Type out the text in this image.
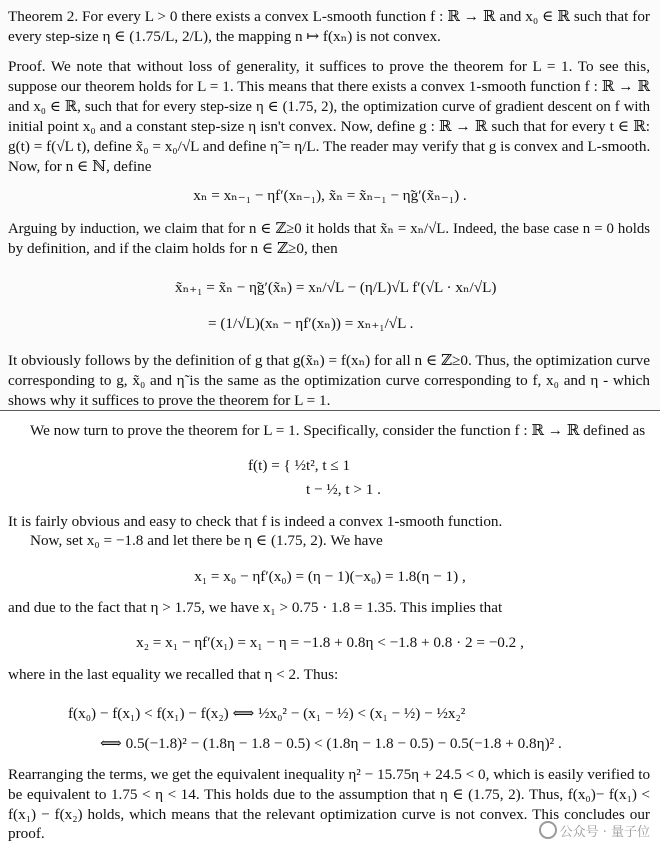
Theorem 2. For every L > 0 there exists a convex L-smooth function f : ℝ → ℝ and x₀ ∈ ℝ such that for
every step-size η ∈ (1.75/L, 2/L), the mapping n ↦ f(xₙ) is not convex.
Proof. We note that without loss of generality, it suffices to prove the theorem for L = 1. To see this,
suppose our theorem holds for L = 1. This means that there exists a convex 1-smooth function f : ℝ → ℝ
and x₀ ∈ ℝ, such that for every step-size η ∈ (1.75, 2), the optimization curve of gradient descent on f with
initial point x₀ and a constant step-size η isn't convex. Now, define g : ℝ → ℝ such that for every t ∈ ℝ:
g(t) = f(√L t), define x̃₀ = x₀/√L and define η̃ = η/L. The reader may verify that g is convex and L-smooth.
Now, for n ∈ ℕ, define
xₙ = xₙ₋₁ − ηf′(xₙ₋₁), x̃ₙ = x̃ₙ₋₁ − η̃g′(x̃ₙ₋₁) .
Arguing by induction, we claim that for n ∈ ℤ≥0 it holds that x̃ₙ = xₙ/√L. Indeed, the base case n = 0 holds
by definition, and if the claim holds for n ∈ ℤ≥0, then
x̃ₙ₊₁ = x̃ₙ − η̃g′(x̃ₙ) = xₙ/√L − (η/L)√L f′(√L · xₙ/√L)
= (1/√L)(xₙ − ηf′(xₙ)) = xₙ₊₁/√L .
It obviously follows by the definition of g that g(x̃ₙ) = f(xₙ) for all n ∈ ℤ≥0. Thus, the optimization curve
corresponding to g, x̃₀ and η̃ is the same as the optimization curve corresponding to f, x₀ and η - which
shows why it suffices to prove the theorem for L = 1.
We now turn to prove the theorem for L = 1. Specifically, consider the function f : ℝ → ℝ defined as
f(t) = { ½t², t ≤ 1
t − ½, t > 1 .
It is fairly obvious and easy to check that f is indeed a convex 1-smooth function.
Now, set x₀ = −1.8 and let there be η ∈ (1.75, 2). We have
x₁ = x₀ − ηf′(x₀) = (η − 1)(−x₀) = 1.8(η − 1) ,
and due to the fact that η > 1.75, we have x₁ > 0.75 · 1.8 = 1.35. This implies that
x₂ = x₁ − ηf′(x₁) = x₁ − η = −1.8 + 0.8η < −1.8 + 0.8 · 2 = −0.2 ,
where in the last equality we recalled that η < 2. Thus:
f(x₀) − f(x₁) < f(x₁) − f(x₂) ⟺ ½x₀² − (x₁ − ½) < (x₁ − ½) − ½x₂²
⟺ 0.5(−1.8)² − (1.8η − 1.8 − 0.5) < (1.8η − 1.8 − 0.5) − 0.5(−1.8 + 0.8η)² .
Rearranging the terms, we get the equivalent inequality η² − 15.75η + 24.5 < 0, which is easily verified to
be equivalent to 1.75 < η < 14. This holds due to the assumption that η ∈ (1.75, 2). Thus, f(x₀)− f(x₁) <
f(x₁) − f(x₂) holds, which means that the relevant optimization curve is not convex. This concludes our
proof.	公众号 · 量子位
